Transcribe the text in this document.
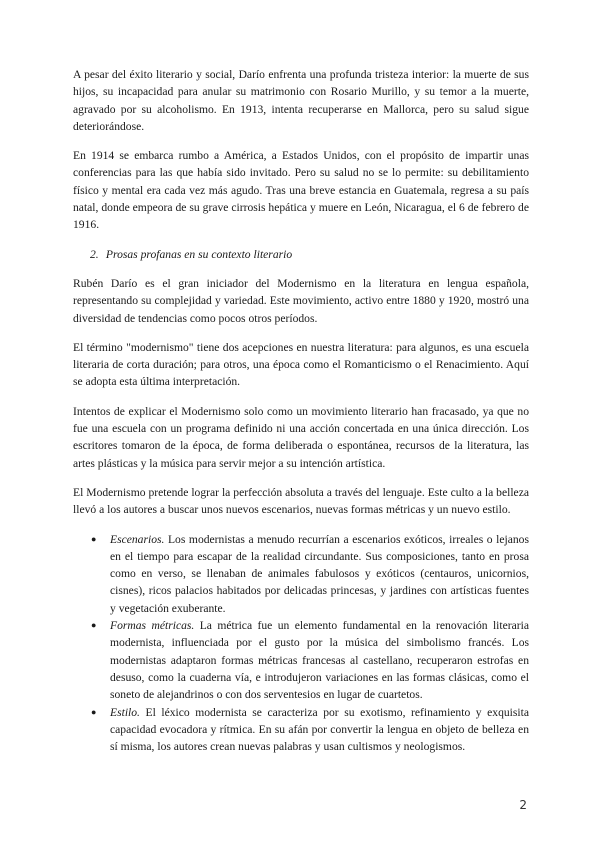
A pesar del éxito literario y social, Darío enfrenta una profunda tristeza interior: la muerte de sus hijos, su incapacidad para anular su matrimonio con Rosario Murillo, y su temor a la muerte, agravado por su alcoholismo. En 1913, intenta recuperarse en Mallorca, pero su salud sigue deteriorándose.

En 1914 se embarca rumbo a América, a Estados Unidos, con el propósito de impartir unas conferencias para las que había sido invitado. Pero su salud no se lo permite: su debilitamiento físico y mental era cada vez más agudo. Tras una breve estancia en Guatemala, regresa a su país natal, donde empeora de su grave cirrosis hepática y muere en León, Nicaragua, el 6 de febrero de 1916.

2. Prosas profanas en su contexto literario

Rubén Darío es el gran iniciador del Modernismo en la literatura en lengua española, representando su complejidad y variedad. Este movimiento, activo entre 1880 y 1920, mostró una diversidad de tendencias como pocos otros períodos.

El término "modernismo" tiene dos acepciones en nuestra literatura: para algunos, es una escuela literaria de corta duración; para otros, una época como el Romanticismo o el Renacimiento. Aquí se adopta esta última interpretación.

Intentos de explicar el Modernismo solo como un movimiento literario han fracasado, ya que no fue una escuela con un programa definido ni una acción concertada en una única dirección. Los escritores tomaron de la época, de forma deliberada o espontánea, recursos de la literatura, las artes plásticas y la música para servir mejor a su intención artística.

El Modernismo pretende lograr la perfección absoluta a través del lenguaje. Este culto a la belleza llevó a los autores a buscar unos nuevos escenarios, nuevas formas métricas y un nuevo estilo.

● Escenarios. Los modernistas a menudo recurrían a escenarios exóticos, irreales o lejanos en el tiempo para escapar de la realidad circundante. Sus composiciones, tanto en prosa como en verso, se llenaban de animales fabulosos y exóticos (centauros, unicornios, cisnes), ricos palacios habitados por delicadas princesas, y jardines con artísticas fuentes y vegetación exuberante.
● Formas métricas. La métrica fue un elemento fundamental en la renovación literaria modernista, influenciada por el gusto por la música del simbolismo francés. Los modernistas adaptaron formas métricas francesas al castellano, recuperaron estrofas en desuso, como la cuaderna vía, e introdujeron variaciones en las formas clásicas, como el soneto de alejandrinos o con dos serventesios en lugar de cuartetos.
● Estilo. El léxico modernista se caracteriza por su exotismo, refinamiento y exquisita capacidad evocadora y rítmica. En su afán por convertir la lengua en objeto de belleza en sí misma, los autores crean nuevas palabras y usan cultismos y neologismos.
2
